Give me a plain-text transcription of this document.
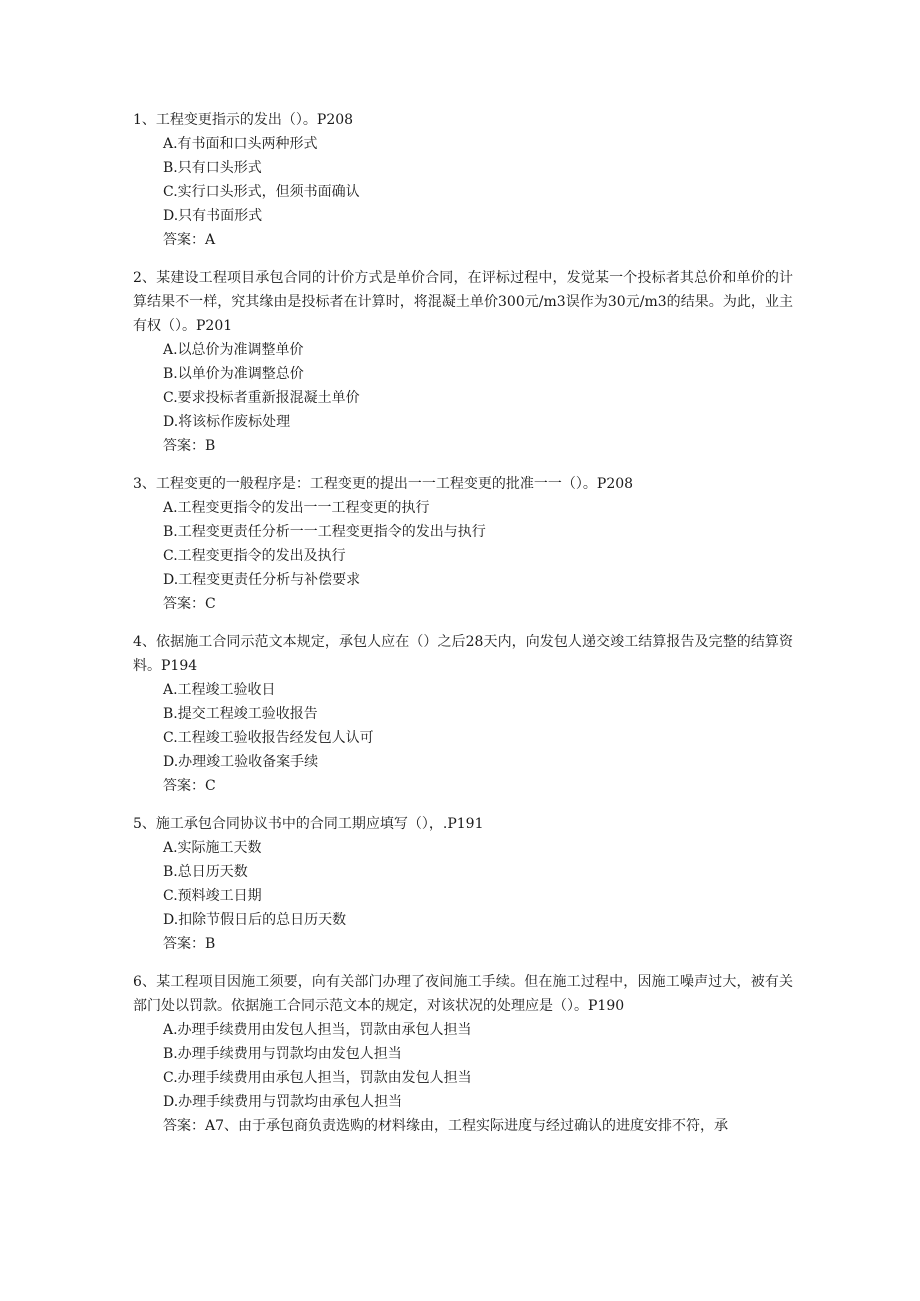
1、工程变更指示的发出（）。P208

A.有书面和口头两种形式
B.只有口头形式
C.实行口头形式，但须书面确认
D.只有书面形式
答案：A

2、某建设工程项目承包合同的计价方式是单价合同，在评标过程中，发觉某一个投标者其总价和单价的计算结果不一样，究其缘由是投标者在计算时，将混凝土单价300元/m3误作为30元/m3的结果。为此，业主有权（）。P201

A.以总价为准调整单价
B.以单价为准调整总价
C.要求投标者重新报混凝土单价
D.将该标作废标处理
答案：B

3、工程变更的一般程序是：工程变更的提出一一工程变更的批准一一（）。P208

A.工程变更指令的发出一一工程变更的执行
B.工程变更责任分析一一工程变更指令的发出与执行
C.工程变更指令的发出及执行
D.工程变更责任分析与补偿要求
答案：C

4、依据施工合同示范文本规定，承包人应在（）之后28天内，向发包人递交竣工结算报告及完整的结算资料。P194

A.工程竣工验收日
B.提交工程竣工验收报告
C.工程竣工验收报告经发包人认可
D.办理竣工验收备案手续
答案：C

5、施工承包合同协议书中的合同工期应填写（），.P191

A.实际施工天数
B.总日历天数
C.预料竣工日期
D.扣除节假日后的总日历天数
答案：B

6、某工程项目因施工须要，向有关部门办理了夜间施工手续。但在施工过程中，因施工噪声过大，被有关部门处以罚款。依据施工合同示范文本的规定，对该状况的处理应是（）。P190

A.办理手续费用由发包人担当，罚款由承包人担当
B.办理手续费用与罚款均由发包人担当
C.办理手续费用由承包人担当，罚款由发包人担当
D.办理手续费用与罚款均由承包人担当
答案：A7、由于承包商负责选购的材料缘由，工程实际进度与经过确认的进度安排不符，承
